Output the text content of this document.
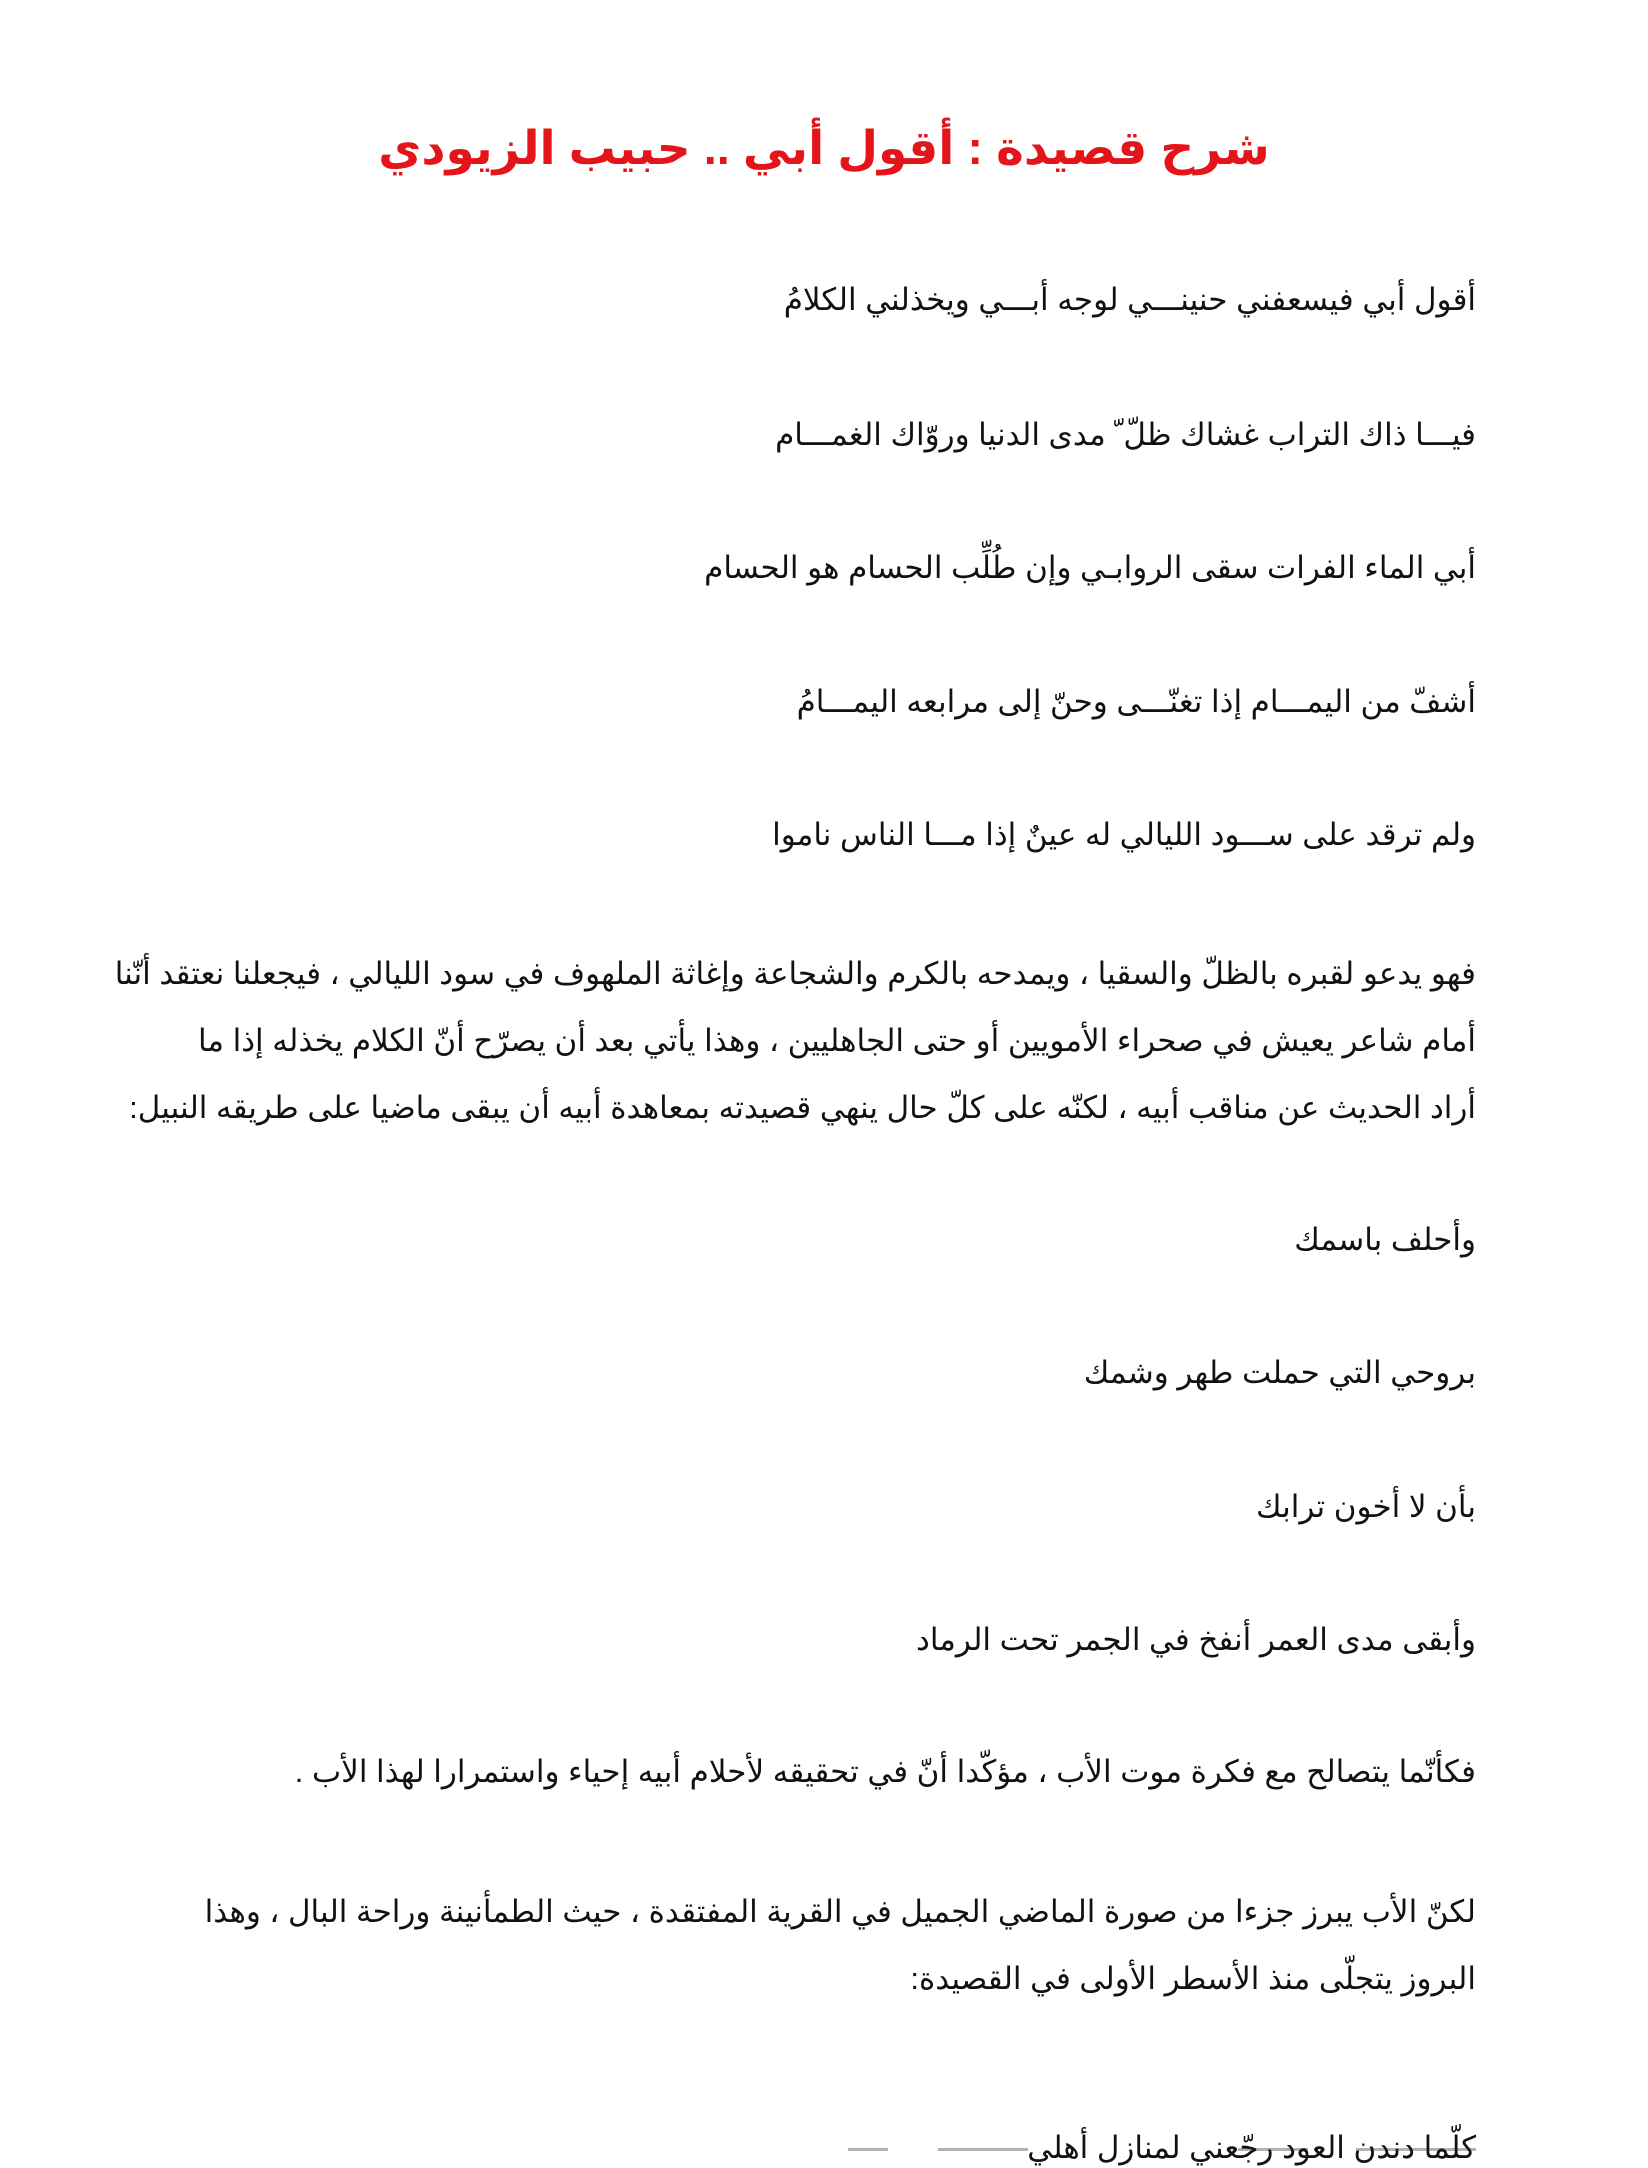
شرح قصيدة : أقول أبي .. حبيب الزيودي
أقول أبي فيسعفني حنينـــي لوجه أبـــي ويخذلني الكلامُ
فيـــا ذاك التراب غشاك ظلّ ّ مدى الدنيا وروّاك الغمـــام
أبي الماء الفرات سقى الروابـي وإن طُلِّب الحسام هو الحسام
أشفّ من اليمـــام إذا تغنّـــى وحنّ إلى مرابعه اليمـــامُ
ولم ترقد على ســـود الليالي له عينٌ إذا مـــا الناس ناموا
فهو يدعو لقبره بالظلّ والسقيا ، ويمدحه بالكرم والشجاعة وإغاثة الملهوف في سود الليالي ، فيجعلنا نعتقد أنّنا
أمام شاعر يعيش في صحراء الأمويين أو حتى الجاهليين ، وهذا يأتي بعد أن يصرّح أنّ الكلام يخذله إذا ما
أراد الحديث عن مناقب أبيه ، لكنّه على كلّ حال ينهي قصيدته بمعاهدة أبيه أن يبقى ماضيا على طريقه النبيل:
وأحلف باسمك
بروحي التي حملت طهر وشمك
بأن لا أخون ترابك
وأبقى مدى العمر أنفخ في الجمر تحت الرماد
فكأنّما يتصالح مع فكرة موت الأب ، مؤكّدا أنّ في تحقيقه لأحلام أبيه إحياء واستمرارا لهذا الأب .
لكنّ الأب يبرز جزءا من صورة الماضي الجميل في القرية المفتقدة ، حيث الطمأنينة وراحة البال ، وهذا
البروز يتجلّى منذ الأسطر الأولى في القصيدة:
كلّما دندن العود رجّعني لمنازل أهلي
